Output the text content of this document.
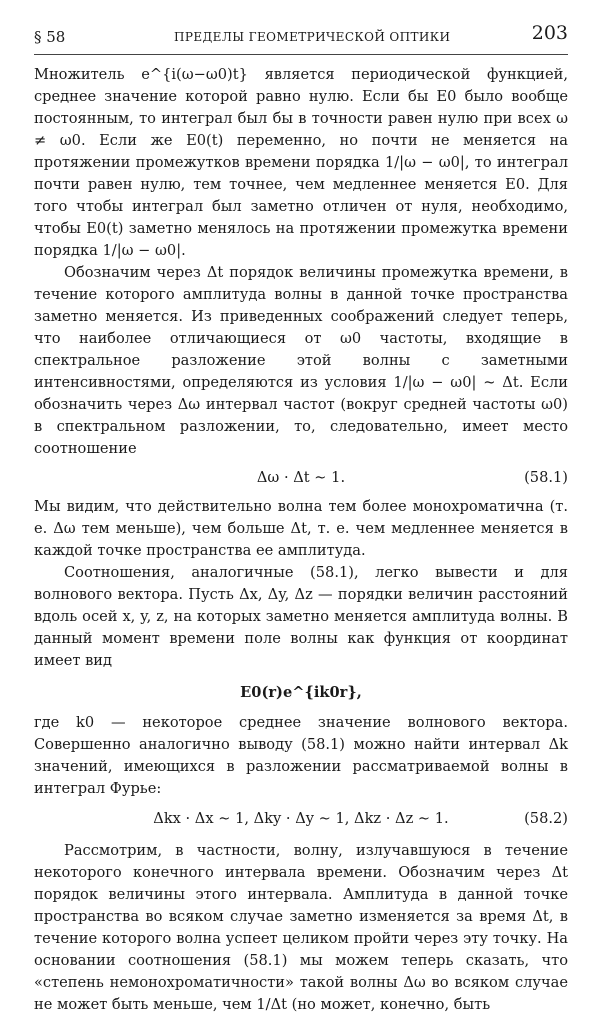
§ 58	ПРЕДЕЛЫ ГЕОМЕТРИЧЕСКОЙ ОПТИКИ	203

Множитель e^{i(ω−ω0)t} является периодической функцией, среднее значение которой равно нулю. Если бы E0 было вообще постоянным, то интеграл был бы в точности равен нулю при всех ω ≠ ω0. Если же E0(t) переменно, но почти не меняется на протяжении промежутков времени порядка 1/|ω − ω0|, то интеграл почти равен нулю, тем точнее, чем медленнее меняется E0. Для того чтобы интеграл был заметно отличен от нуля, необходимо, чтобы E0(t) заметно менялось на протяжении промежутка времени порядка 1/|ω − ω0|.

Обозначим через Δt порядок величины промежутка времени, в течение которого амплитуда волны в данной точке пространства заметно меняется. Из приведенных соображений следует теперь, что наиболее отличающиеся от ω0 частоты, входящие в спектральное разложение этой волны с заметными интенсивностями, определяются из условия 1/|ω − ω0| ~ Δt. Если обозначить через Δω интервал частот (вокруг средней частоты ω0) в спектральном разложении, то, следовательно, имеет место соотношение

Δω · Δt ∼ 1.	(58.1)

Мы видим, что действительно волна тем более монохроматична (т. е. Δω тем меньше), чем больше Δt, т. е. чем медленнее меняется в каждой точке пространства ее амплитуда.

Соотношения, аналогичные (58.1), легко вывести и для волнового вектора. Пусть Δx, Δy, Δz — порядки величин расстояний вдоль осей x, y, z, на которых заметно меняется амплитуда волны. В данный момент времени поле волны как функция от координат имеет вид

E0(r)e^{ik0r},

где k0 — некоторое среднее значение волнового вектора. Совершенно аналогично выводу (58.1) можно найти интервал Δk значений, имеющихся в разложении рассматриваемой волны в интеграл Фурье:

Δkx · Δx ∼ 1, Δky · Δy ∼ 1, Δkz · Δz ∼ 1.	(58.2)

Рассмотрим, в частности, волну, излучавшуюся в течение некоторого конечного интервала времени. Обозначим через Δt порядок величины этого интервала. Амплитуда в данной точке пространства во всяком случае заметно изменяется за время Δt, в течение которого волна успеет целиком пройти через эту точку. На основании соотношения (58.1) мы можем теперь сказать, что «степень немонохроматичности» такой волны Δω во всяком случае не может быть меньше, чем 1/Δt (но может, конечно, быть
